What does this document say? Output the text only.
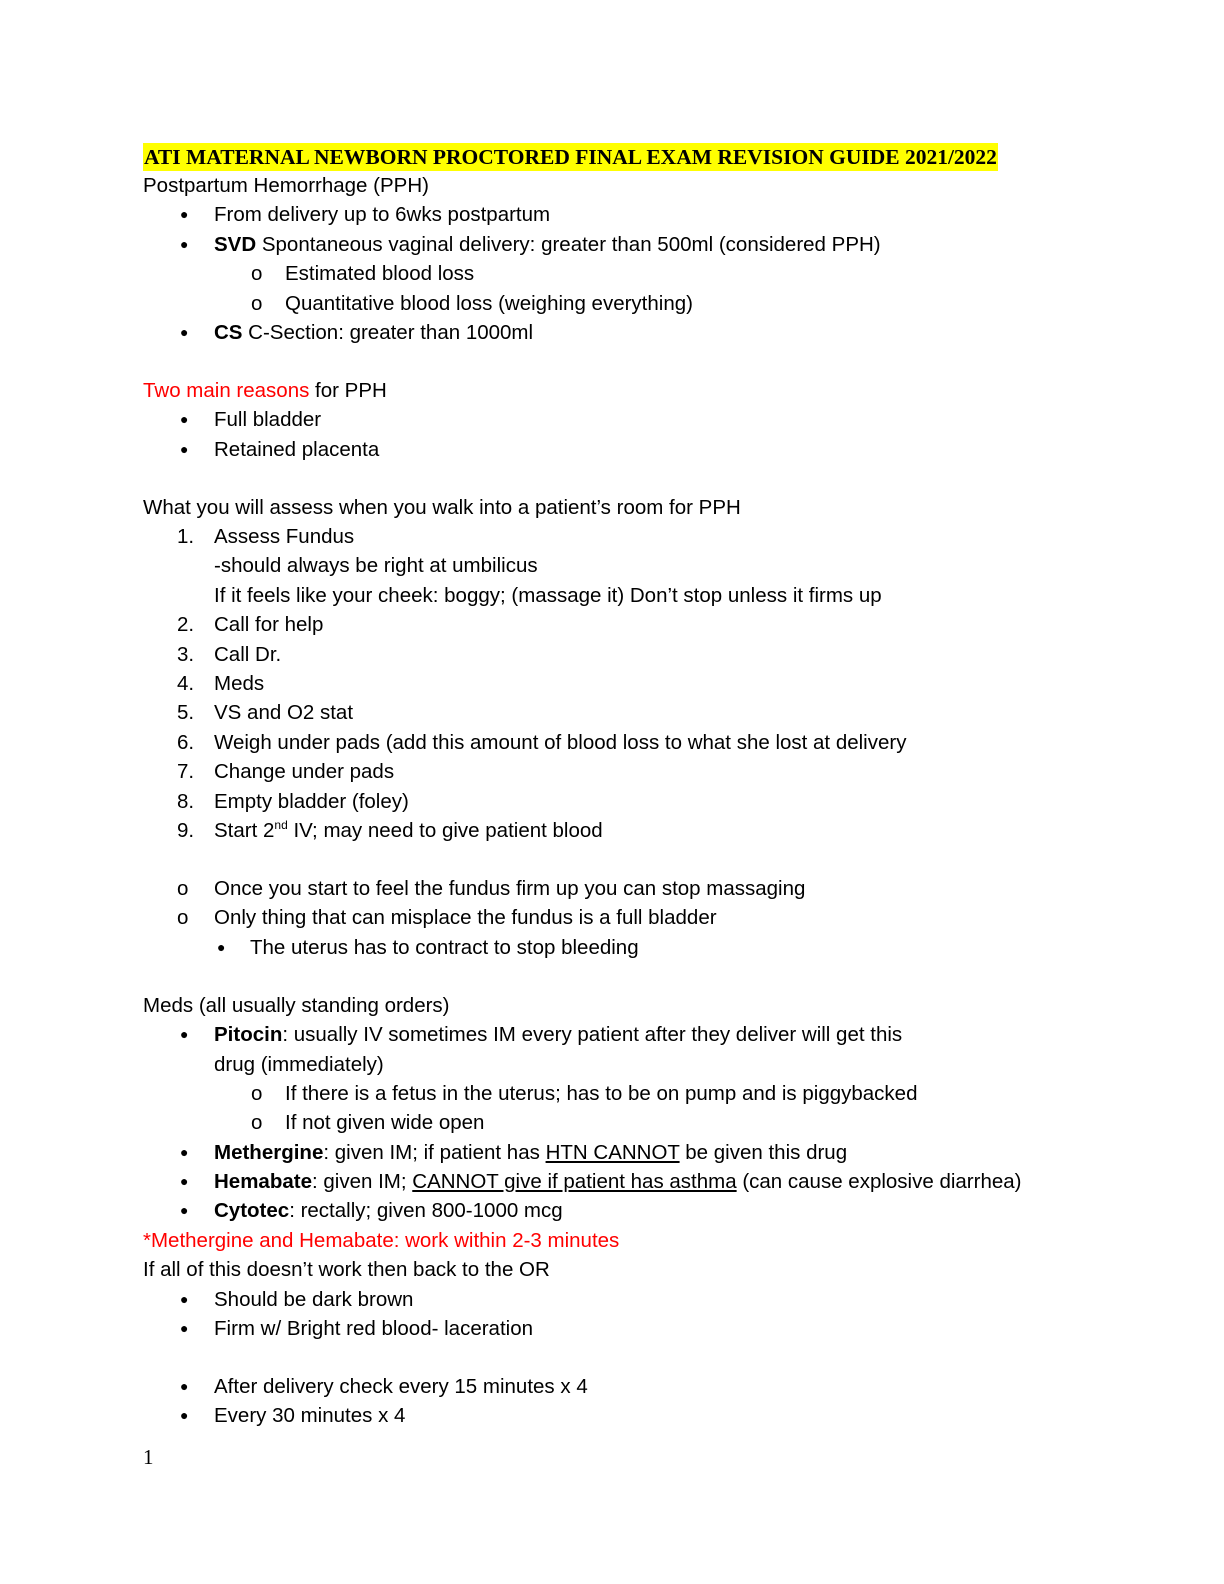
ATI MATERNAL NEWBORN PROCTORED FINAL EXAM REVISION GUIDE 2021/2022
Postpartum Hemorrhage (PPH)
● From delivery up to 6wks postpartum
● SVD Spontaneous vaginal delivery: greater than 500ml (considered PPH)
o Estimated blood loss
o Quantitative blood loss (weighing everything)
● CS C-Section: greater than 1000ml
Two main reasons for PPH
● Full bladder
● Retained placenta
What you will assess when you walk into a patient’s room for PPH
1. Assess Fundus
-should always be right at umbilicus
If it feels like your cheek: boggy; (massage it) Don’t stop unless it firms up
2. Call for help
3. Call Dr.
4. Meds
5. VS and O2 stat
6. Weigh under pads (add this amount of blood loss to what she lost at delivery
7. Change under pads
8. Empty bladder (foley)
9. Start 2nd IV; may need to give patient blood
o Once you start to feel the fundus firm up you can stop massaging
o Only thing that can misplace the fundus is a full bladder
● The uterus has to contract to stop bleeding
Meds (all usually standing orders)
● Pitocin: usually IV sometimes IM every patient after they deliver will get this
drug (immediately)
o If there is a fetus in the uterus; has to be on pump and is piggybacked
o If not given wide open
● Methergine: given IM; if patient has HTN CANNOT be given this drug
● Hemabate: given IM; CANNOT give if patient has asthma (can cause explosive diarrhea)
● Cytotec: rectally; given 800-1000 mcg
*Methergine and Hemabate: work within 2-3 minutes
If all of this doesn’t work then back to the OR
● Should be dark brown
● Firm w/ Bright red blood- laceration
● After delivery check every 15 minutes x 4
● Every 30 minutes x 4
1
